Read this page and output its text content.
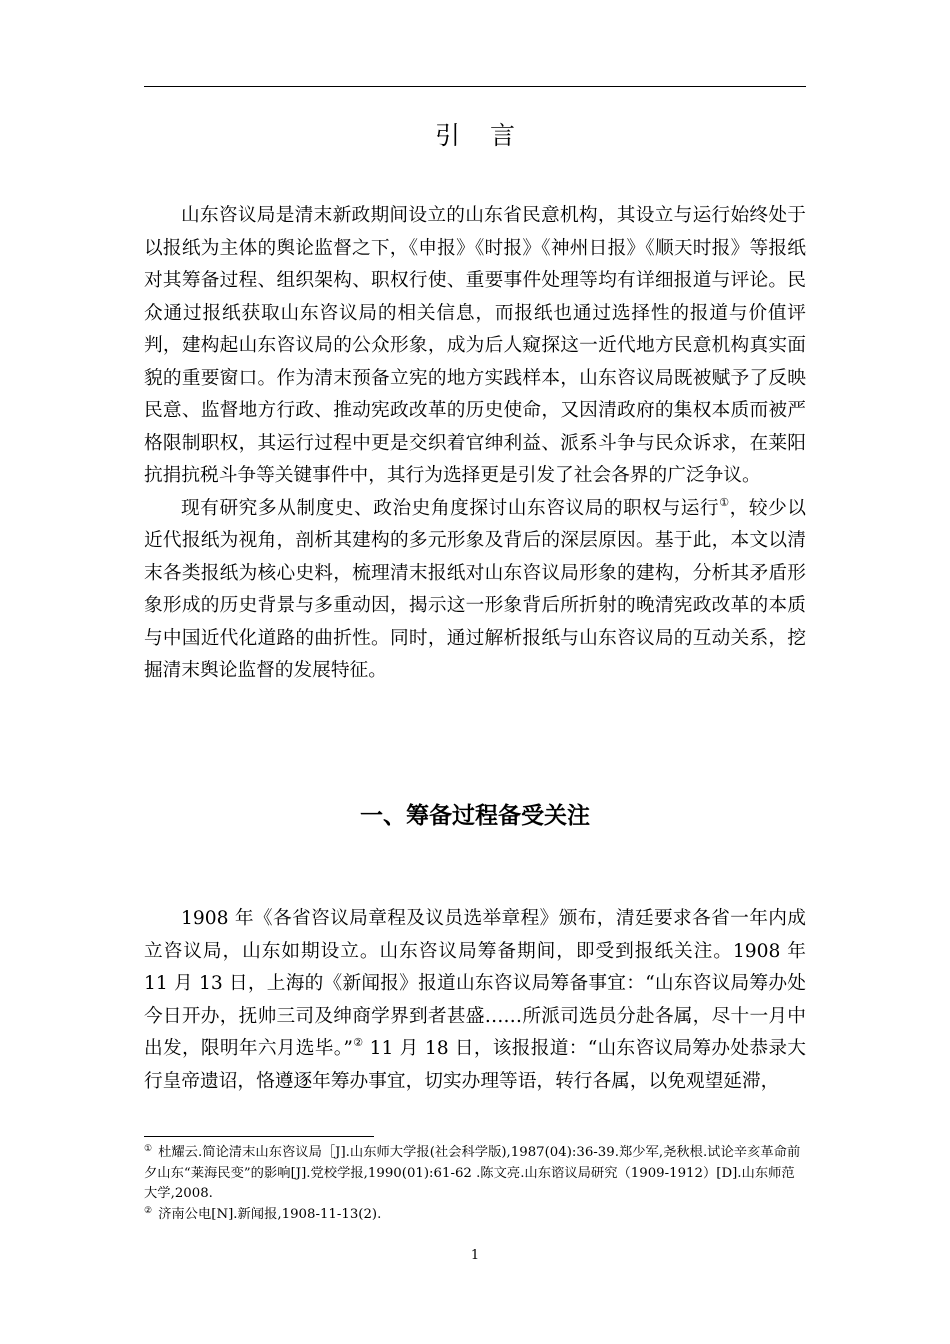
引言

山东咨议局是清末新政期间设立的山东省民意机构，其设立与运行始终处于以报纸为主体的舆论监督之下，《申报》《时报》《神州日报》《顺天时报》等报纸对其筹备过程、组织架构、职权行使、重要事件处理等均有详细报道与评论。民众通过报纸获取山东咨议局的相关信息，而报纸也通过选择性的报道与价值评判，建构起山东咨议局的公众形象，成为后人窥探这一近代地方民意机构真实面貌的重要窗口。作为清末预备立宪的地方实践样本，山东咨议局既被赋予了反映民意、监督地方行政、推动宪政改革的历史使命，又因清政府的集权本质而被严格限制职权，其运行过程中更是交织着官绅利益、派系斗争与民众诉求，在莱阳抗捐抗税斗争等关键事件中，其行为选择更是引发了社会各界的广泛争议。

现有研究多从制度史、政治史角度探讨山东咨议局的职权与运行①，较少以近代报纸为视角，剖析其建构的多元形象及背后的深层原因。基于此，本文以清末各类报纸为核心史料，梳理清末报纸对山东咨议局形象的建构，分析其矛盾形象形成的历史背景与多重动因，揭示这一形象背后所折射的晚清宪政改革的本质与中国近代化道路的曲折性。同时，通过解析报纸与山东咨议局的互动关系，挖掘清末舆论监督的发展特征。

一、筹备过程备受关注

1908 年《各省咨议局章程及议员选举章程》颁布，清廷要求各省一年内成立咨议局，山东如期设立。山东咨议局筹备期间，即受到报纸关注。1908 年 11 月 13 日，上海的《新闻报》报道山东咨议局筹备事宜：“山东咨议局筹办处今日开办，抚帅三司及绅商学界到者甚盛……所派司选员分赴各属，尽十一月中出发，限明年六月选毕。”② 11 月 18 日，该报报道：“山东咨议局筹办处恭录大行皇帝遗诏，恪遵逐年筹办事宜，切实办理等语，转行各属，以免观望延滞，

① 杜耀云.简论清末山东咨议局［J].山东师大学报(社会科学版),1987(04):36-39.郑少军,尧秋根.试论辛亥革命前夕山东“莱海民变”的影响[J].党校学报,1990(01):61-62 .陈文亮.山东谘议局研究（1909-1912）[D].山东师范大学,2008.

② 济南公电[N].新闻报,1908-11-13(2).

1
